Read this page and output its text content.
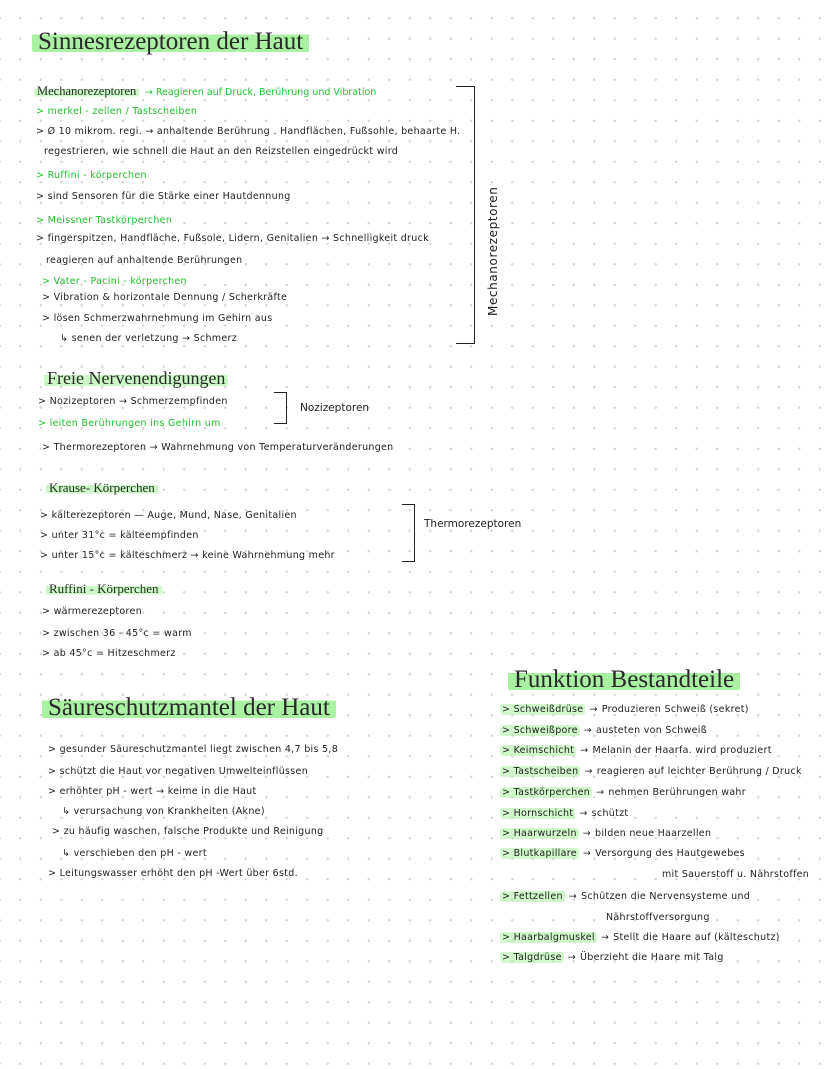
Sinnesrezeptoren der Haut
Mechanorezeptoren → Reagieren auf Druck, Berührung und Vibration
> merkel - zellen / Tastscheiben
> Ø 10 mikrom. regi. → anhaltende Berührung . Handflächen, Fußsohle, behaarte H.
regestrieren, wie schnell die Haut an den Reizstellen eingedrückt wird
> Ruffini - körperchen
> sind Sensoren für die Stärke einer Hautdennung
> Meissner Tastkörperchen
> fingerspitzen, Handfläche, Fußsole, Lidern, Genitalien → Schnelligkeit druck
reagieren auf anhaltende Berührungen
> Vater - Pacini - körperchen
> Vibration & horizontale Dennung / Scherkräfte
> lösen Schmerzwahrnehmung im Gehirn aus
↳ senen der verletzung → Schmerz
Mechanorezeptoren
Freie Nervenendigungen
> Nozizeptoren → Schmerzempfinden
> leiten Berührungen ins Gehirn um
Nozizeptoren
> Thermorezeptoren → Wahrnehmung von Temperaturveränderungen
Krause- Körperchen
> kälterezeptoren — Auge, Mund, Nase, Genitalien
> unter 31°c = kälteempfinden
> unter 15°c = kälteschmerz → keine Wahrnehmung mehr
Thermorezeptoren
Ruffini - Körperchen
> wärmerezeptoren
> zwischen 36 - 45°c = warm
> ab 45°c = Hitzeschmerz
Säureschutzmantel der Haut
> gesunder Säureschutzmantel liegt zwischen 4,7 bis 5,8
> schützt die Haut vor negativen Umwelteinflüssen
> erhöhter pH - wert → keime in die Haut
↳ verursachung von Krankheiten (Akne)
> zu häufig waschen, falsche Produkte und Reinigung
↳ verschieben den pH - wert
> Leitungswasser erhöht den pH -Wert über 6std.
Funktion Bestandteile
> Schweißdrüse → Produzieren Schweiß (sekret)
> Schweißpore → austeten von Schweiß
> Keimschicht → Melanin der Haarfa. wird produziert
> Tastscheiben → reagieren auf leichter Berührung / Druck
> Tastkörperchen → nehmen Berührungen wahr
> Hornschicht → schützt
> Haarwurzeln → bilden neue Haarzellen
> Blutkapillare → Versorgung des Hautgewebes
mit Sauerstoff u. Nährstoffen
> Fettzellen → Schützen die Nervensysteme und
Nährstoffversorgung
> Haarbalgmuskel → Stellt die Haare auf (kälteschutz)
> Talgdrüse → Überzieht die Haare mit Talg
